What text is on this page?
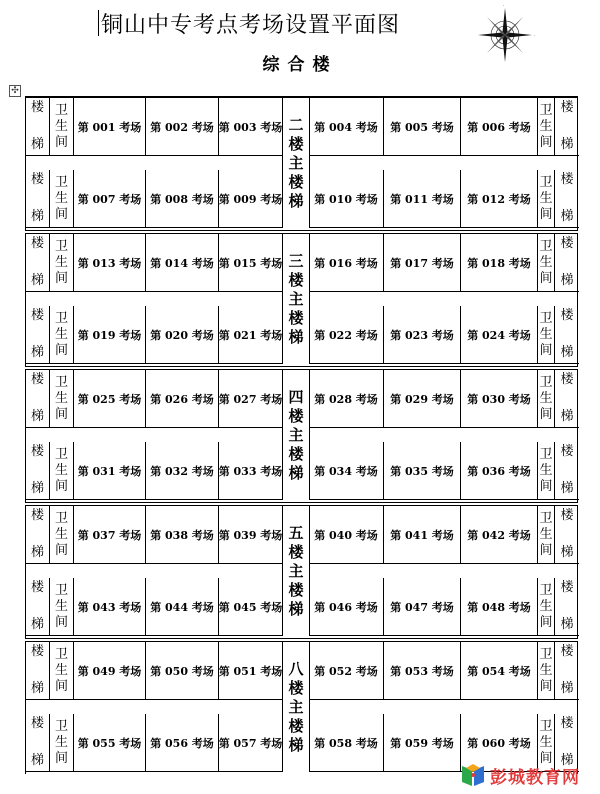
铜山中专考点考场设置平面图
·
·
综合楼
✣
楼
梯
卫
生
间
第 001 考场 第 002 考场 第 003 考场	第 004 考场	第 005 考场	第 006 考场
卫
生
间
楼
梯
楼
梯
卫
生
间
第 007 考场 第 008 考场 第 009 考场	第 010 考场	第 011 考场	第 012 考场
卫
生
间
楼
梯
二
楼
主
楼
梯
楼
梯
卫
生
间
第 013 考场 第 014 考场 第 015 考场	第 016 考场	第 017 考场	第 018 考场
卫
生
间
楼
梯
楼
梯
卫
生
间
第 019 考场 第 020 考场 第 021 考场	第 022 考场	第 023 考场	第 024 考场
卫
生
间
楼
梯
三
楼
主
楼
梯
楼
梯
卫
生
间
第 025 考场 第 026 考场 第 027 考场	第 028 考场	第 029 考场	第 030 考场
卫
生
间
楼
梯
楼
梯
卫
生
间
第 031 考场 第 032 考场 第 033 考场	第 034 考场	第 035 考场	第 036 考场
卫
生
间
楼
梯
四
楼
主
楼
梯
楼
梯
卫
生
间
第 037 考场 第 038 考场 第 039 考场	第 040 考场	第 041 考场	第 042 考场
卫
生
间
楼
梯
楼
梯
卫
生
间
第 043 考场 第 044 考场 第 045 考场	第 046 考场	第 047 考场	第 048 考场
卫
生
间
楼
梯
五
楼
主
楼
梯
楼
梯
卫
生
间
第 049 考场 第 050 考场 第 051 考场	第 052 考场	第 053 考场	第 054 考场
卫
生
间
楼
梯
楼
梯
卫
生
间
第 055 考场 第 056 考场 第 057 考场	第 058 考场	第 059 考场	第 060 考场
卫
生
间
楼
梯
八
楼
主
楼
梯
彭城教育网
